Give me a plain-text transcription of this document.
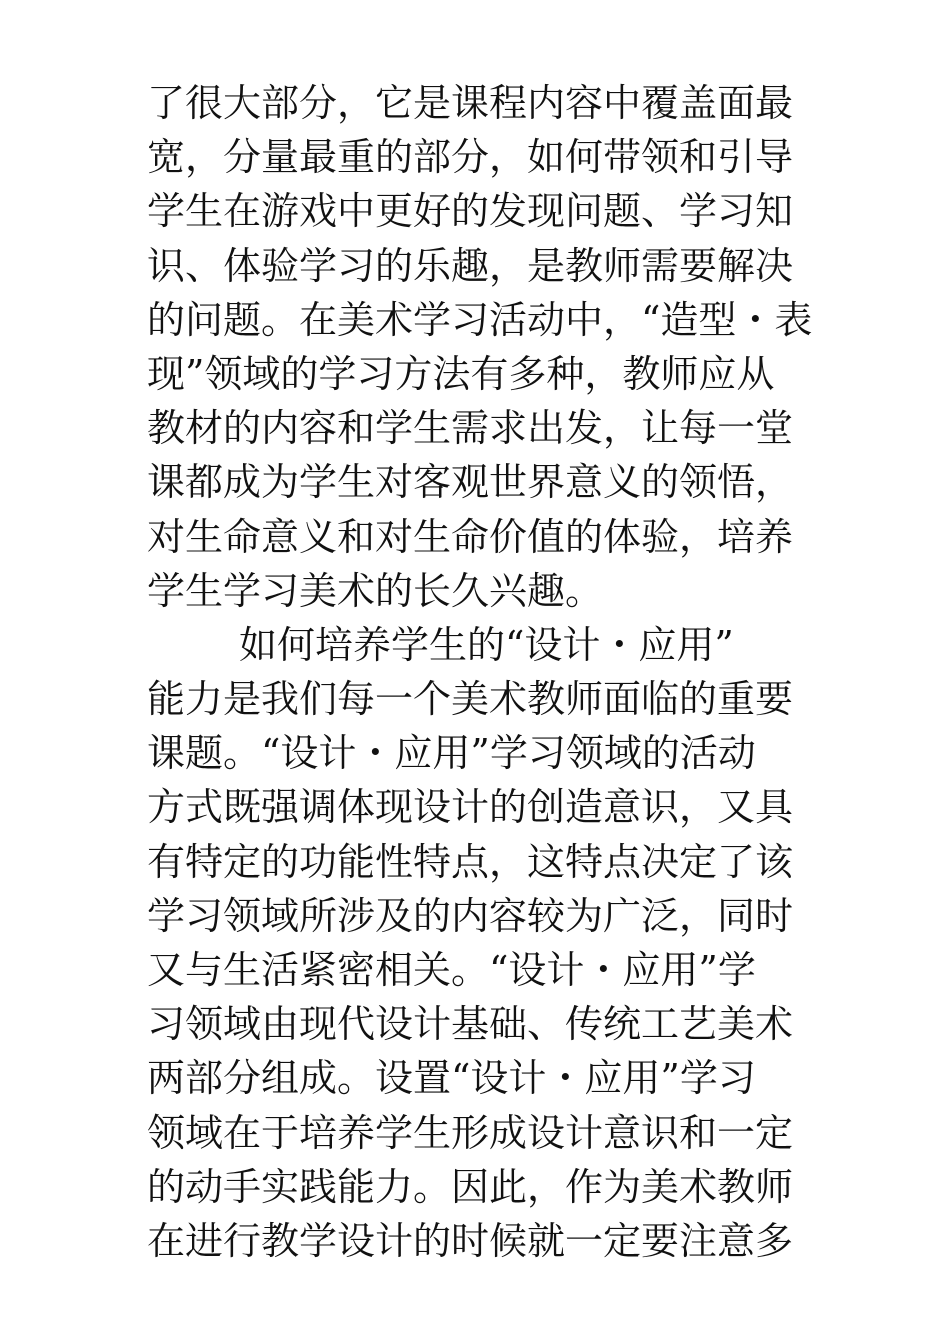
了很大部分，它是课程内容中覆盖面最
宽，分量最重的部分，如何带领和引导
学生在游戏中更好的发现问题、学习知
识、体验学习的乐趣，是教师需要解决
的问题。在美术学习活动中，“造型・表
现”领域的学习方法有多种，教师应从
教材的内容和学生需求出发，让每一堂
课都成为学生对客观世界意义的领悟，
对生命意义和对生命价值的体验，培养
学生学习美术的长久兴趣。
如何培养学生的“设计・应用”
能力是我们每一个美术教师面临的重要
课题。“设计・应用”学习领域的活动
方式既强调体现设计的创造意识，又具
有特定的功能性特点，这特点决定了该
学习领域所涉及的内容较为广泛，同时
又与生活紧密相关。“设计・应用”学
习领域由现代设计基础、传统工艺美术
两部分组成。设置“设计・应用”学习
领域在于培养学生形成设计意识和一定
的动手实践能力。因此，作为美术教师
在进行教学设计的时候就一定要注意多
